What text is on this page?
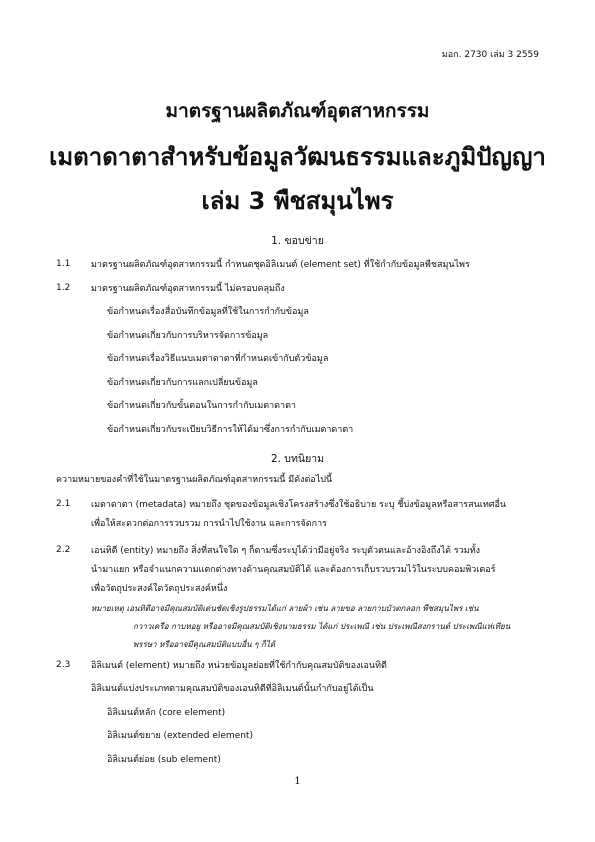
มอก. 2730 เล่ม 3 2559
มาตรฐานผลิตภัณฑ์อุตสาหกรรม
เมตาดาตาสำหรับข้อมูลวัฒนธรรมและภูมิปัญญา
เล่ม 3 พืชสมุนไพร
1. ขอบข่าย
1.1 มาตรฐานผลิตภัณฑ์อุตสาหกรรมนี้ กำหนดชุดอิลิเมนต์ (element set) ที่ใช้กำกับข้อมูลพืชสมุนไพร
1.2 มาตรฐานผลิตภัณฑ์อุตสาหกรรมนี้ ไม่ครอบคลุมถึง
ข้อกำหนดเรื่องสื่อบันทึกข้อมูลที่ใช้ในการกำกับข้อมูล
ข้อกำหนดเกี่ยวกับการบริหารจัดการข้อมูล
ข้อกำหนดเรื่องวิธีแนบเมตาดาตาที่กำหนดเข้ากับตัวข้อมูล
ข้อกำหนดเกี่ยวกับการแลกเปลี่ยนข้อมูล
ข้อกำหนดเกี่ยวกับขั้นตอนในการกำกับเมตาดาตา
ข้อกำหนดเกี่ยวกับระเบียบวิธีการให้ได้มาซึ่งการกำกับเมตาดาตา
2. บทนิยาม
ความหมายของคำที่ใช้ในมาตรฐานผลิตภัณฑ์อุตสาหกรรมนี้ มีดังต่อไปนี้
2.1 เมตาดาตา (metadata) หมายถึง ชุดของข้อมูลเชิงโครงสร้างซึ่งใช้อธิบาย ระบุ ชี้บ่งข้อมูลหรือสารสนเทศอื่น
เพื่อให้สะดวกต่อการรวบรวม การนำไปใช้งาน และการจัดการ
2.2 เอนทิตี (entity) หมายถึง สิ่งที่สนใจใด ๆ ก็ตามซึ่งระบุได้ว่ามีอยู่จริง ระบุตัวตนและอ้างอิงถึงได้ รวมทั้ง
นำมาแยก หรือจำแนกความแตกต่างทางด้านคุณสมบัติได้ และต้องการเก็บรวบรวมไว้ในระบบคอมพิวเตอร์
เพื่อวัตถุประสงค์ใดวัตถุประสงค์หนึ่ง
หมายเหตุ เอนทิตีอาจมีคุณสมบัติเด่นชัดเชิงรูปธรรมได้แก่ ลายผ้า เช่น ลายขอ ลายกาบบัวตกลอก พืชสมุนไพร เช่น
กวาวเครือ กาบหอยู หรืออาจมีคุณสมบัติเชิงนามธรรม ได้แก่ ประเพณี เช่น ประเพณีสงกรานต์ ประเพณีแห่เทียน
พรรษา หรืออาจมีคุณสมบัติแบบอื่น ๆ ก็ได้
2.3 อิลิเมนต์ (element) หมายถึง หน่วยข้อมูลย่อยที่ใช้กำกับคุณสมบัติของเอนทิตี
อิลิเมนต์แบ่งประเภทตามคุณสมบัติของเอนทิตีที่อิลิเมนต์นั้นกำกับอยู่ได้เป็น
อิลิเมนต์หลัก (core element)
อิลิเมนต์ขยาย (extended element)
อิลิเมนต์ย่อย (sub element)
1
